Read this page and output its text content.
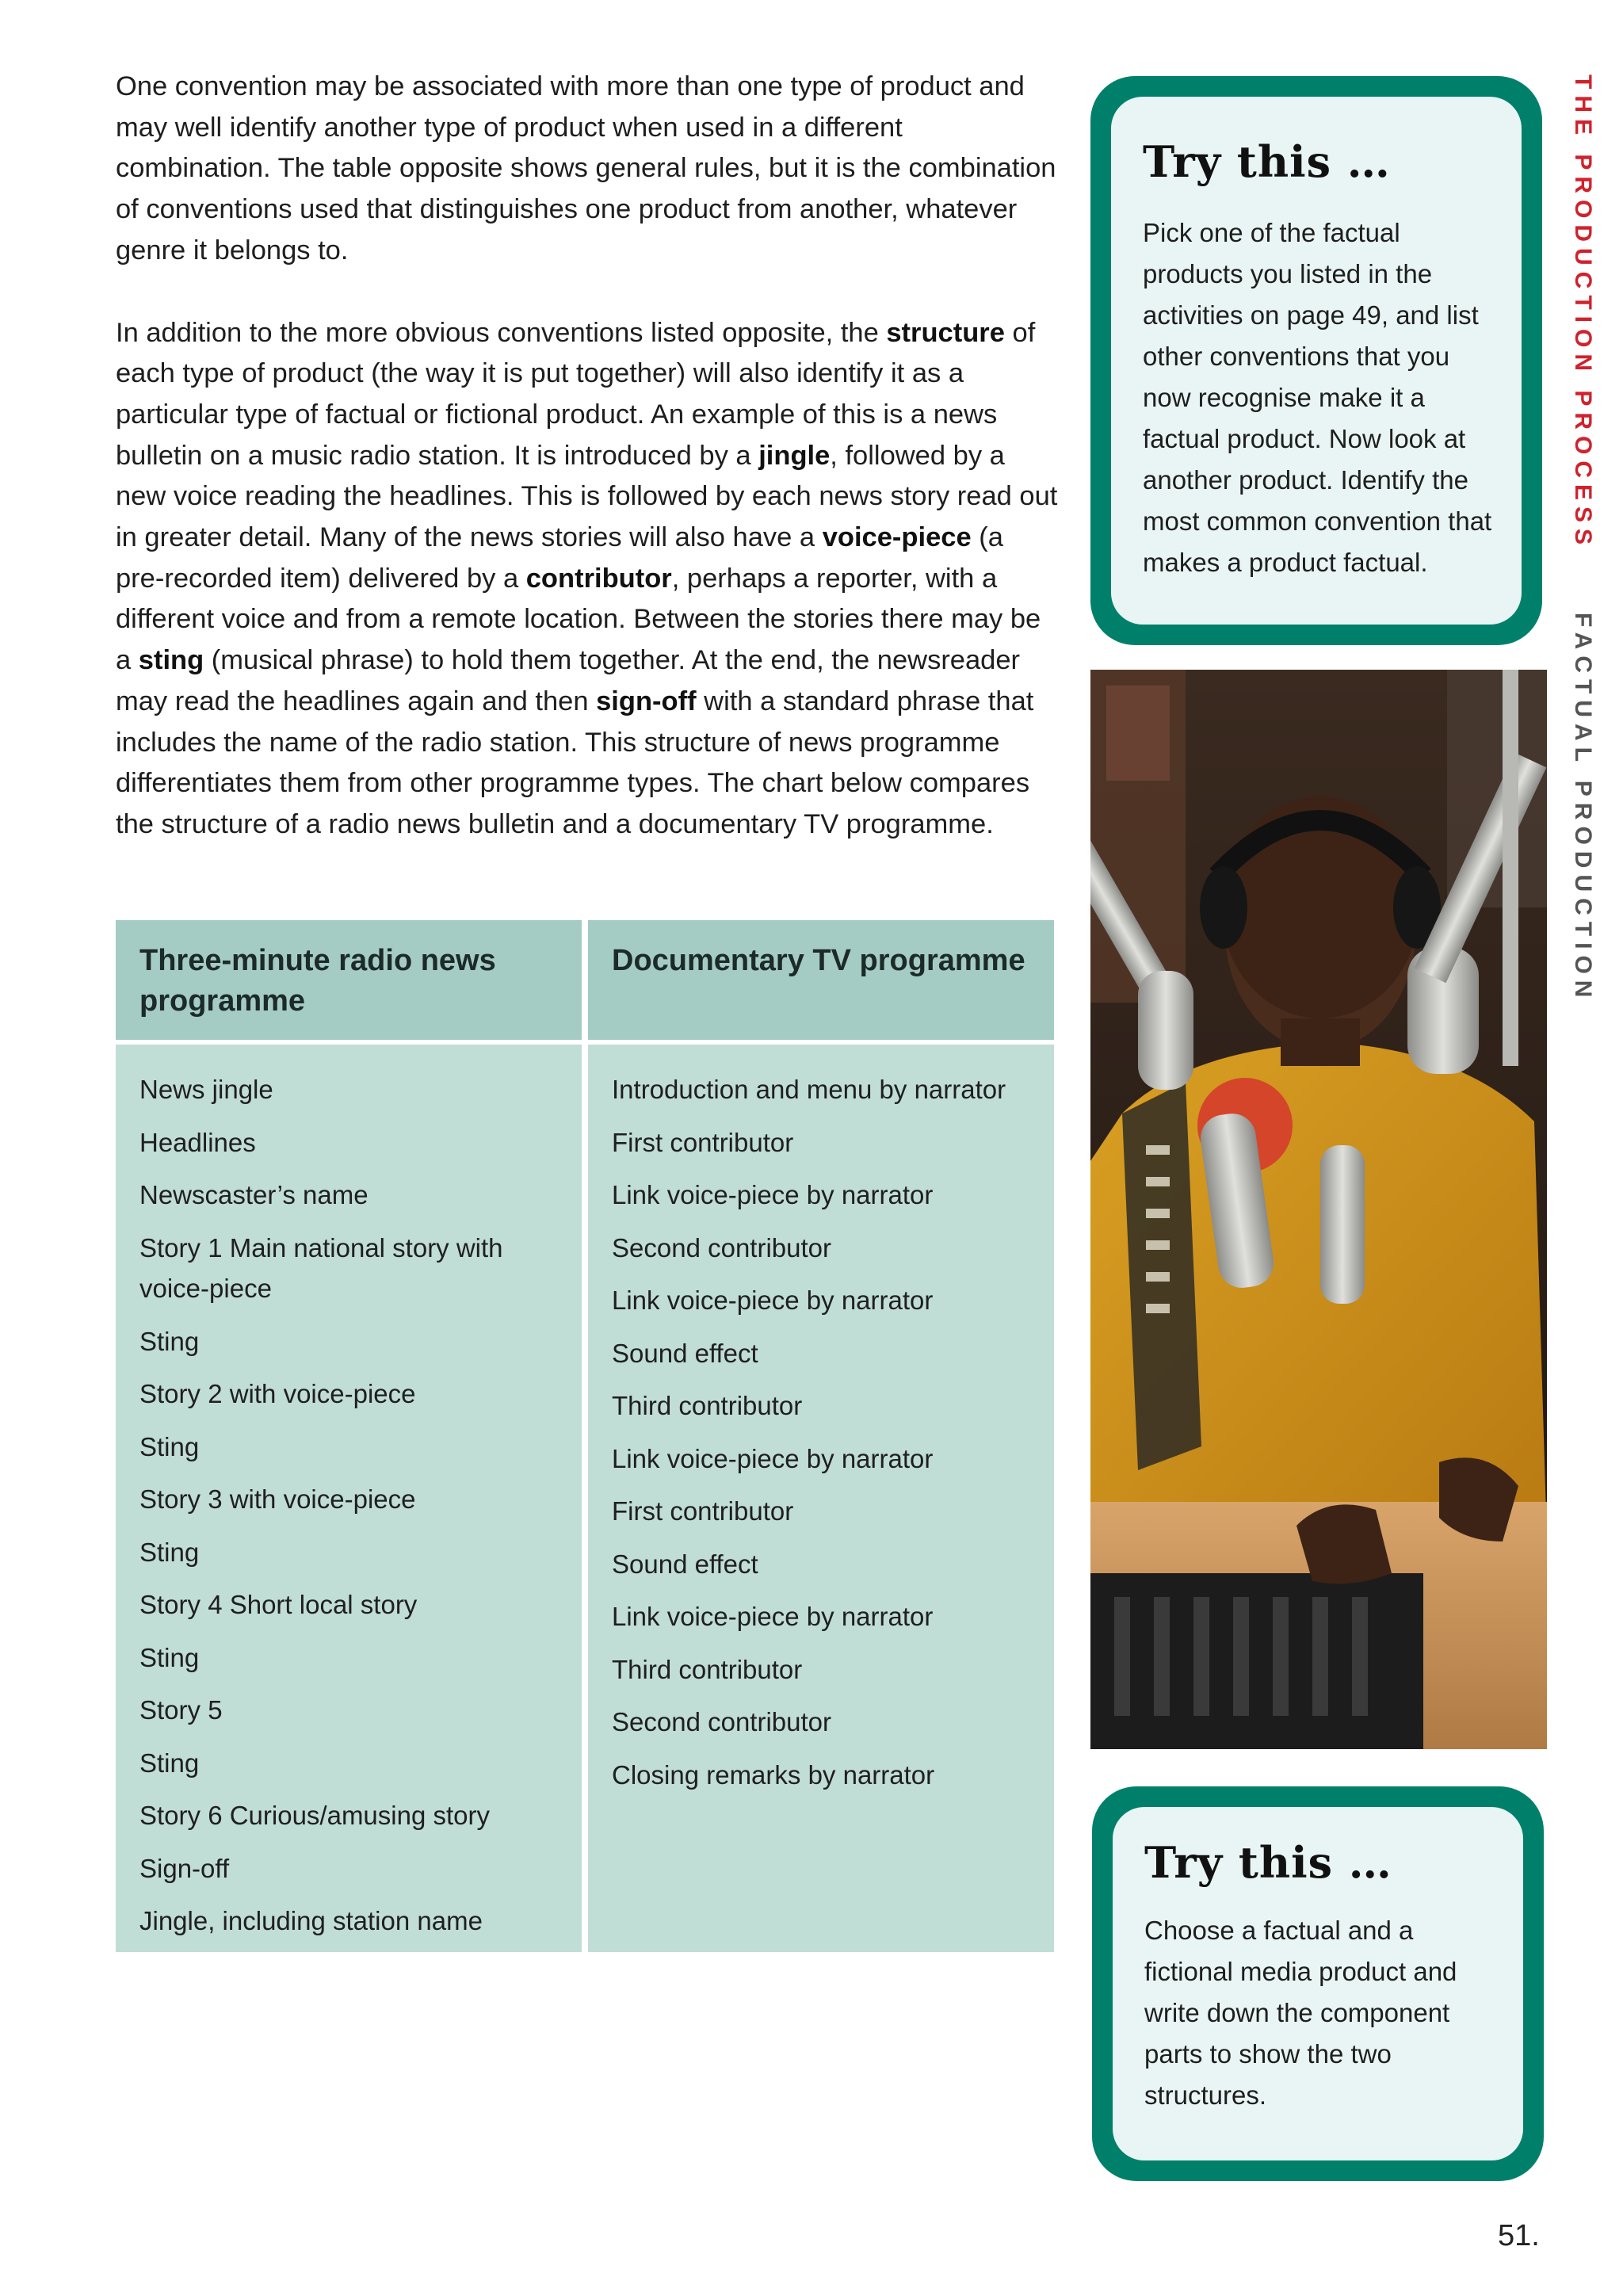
One convention may be associated with more than one type of product and may well identify another type of product when used in a different combination. The table opposite shows general rules, but it is the combination of conventions used that distinguishes one product from another, whatever genre it belongs to.

In addition to the more obvious conventions listed opposite, the structure of each type of product (the way it is put together) will also identify it as a particular type of factual or fictional product. An example of this is a news bulletin on a music radio station. It is introduced by a jingle, followed by a new voice reading the headlines. This is followed by each news story read out in greater detail. Many of the news stories will also have a voice-piece (a pre-recorded item) delivered by a contributor, perhaps a reporter, with a different voice and from a remote location. Between the stories there may be a sting (musical phrase) to hold them together. At the end, the newsreader may read the headlines again and then sign-off with a standard phrase that includes the name of the radio station. This structure of news programme differentiates them from other programme types. The chart below compares the structure of a radio news bulletin and a documentary TV programme.

Three-minute radio news programme
News jingle
Headlines
Newscaster’s name
Story 1 Main national story with voice-piece
Sting
Story 2 with voice-piece
Sting
Story 3 with voice-piece
Sting
Story 4 Short local story
Sting
Story 5
Sting
Story 6 Curious/amusing story
Sign-off
Jingle, including station name
Documentary TV programme
Introduction and menu by narrator
First contributor
Link voice-piece by narrator
Second contributor
Link voice-piece by narrator
Sound effect
Third contributor
Link voice-piece by narrator
First contributor
Sound effect
Link voice-piece by narrator
Third contributor
Second contributor
Closing remarks by narrator
Try this …
Pick one of the factual products you listed in the activities on page 49, and list other conventions that you now recognise make it a factual product. Now look at another product. Identify the most common convention that makes a product factual.
Try this …
Choose a factual and a fictional media product and write down the component parts to show the two structures.
THE PRODUCTION PROCESS FACTUAL PRODUCTION
51.
